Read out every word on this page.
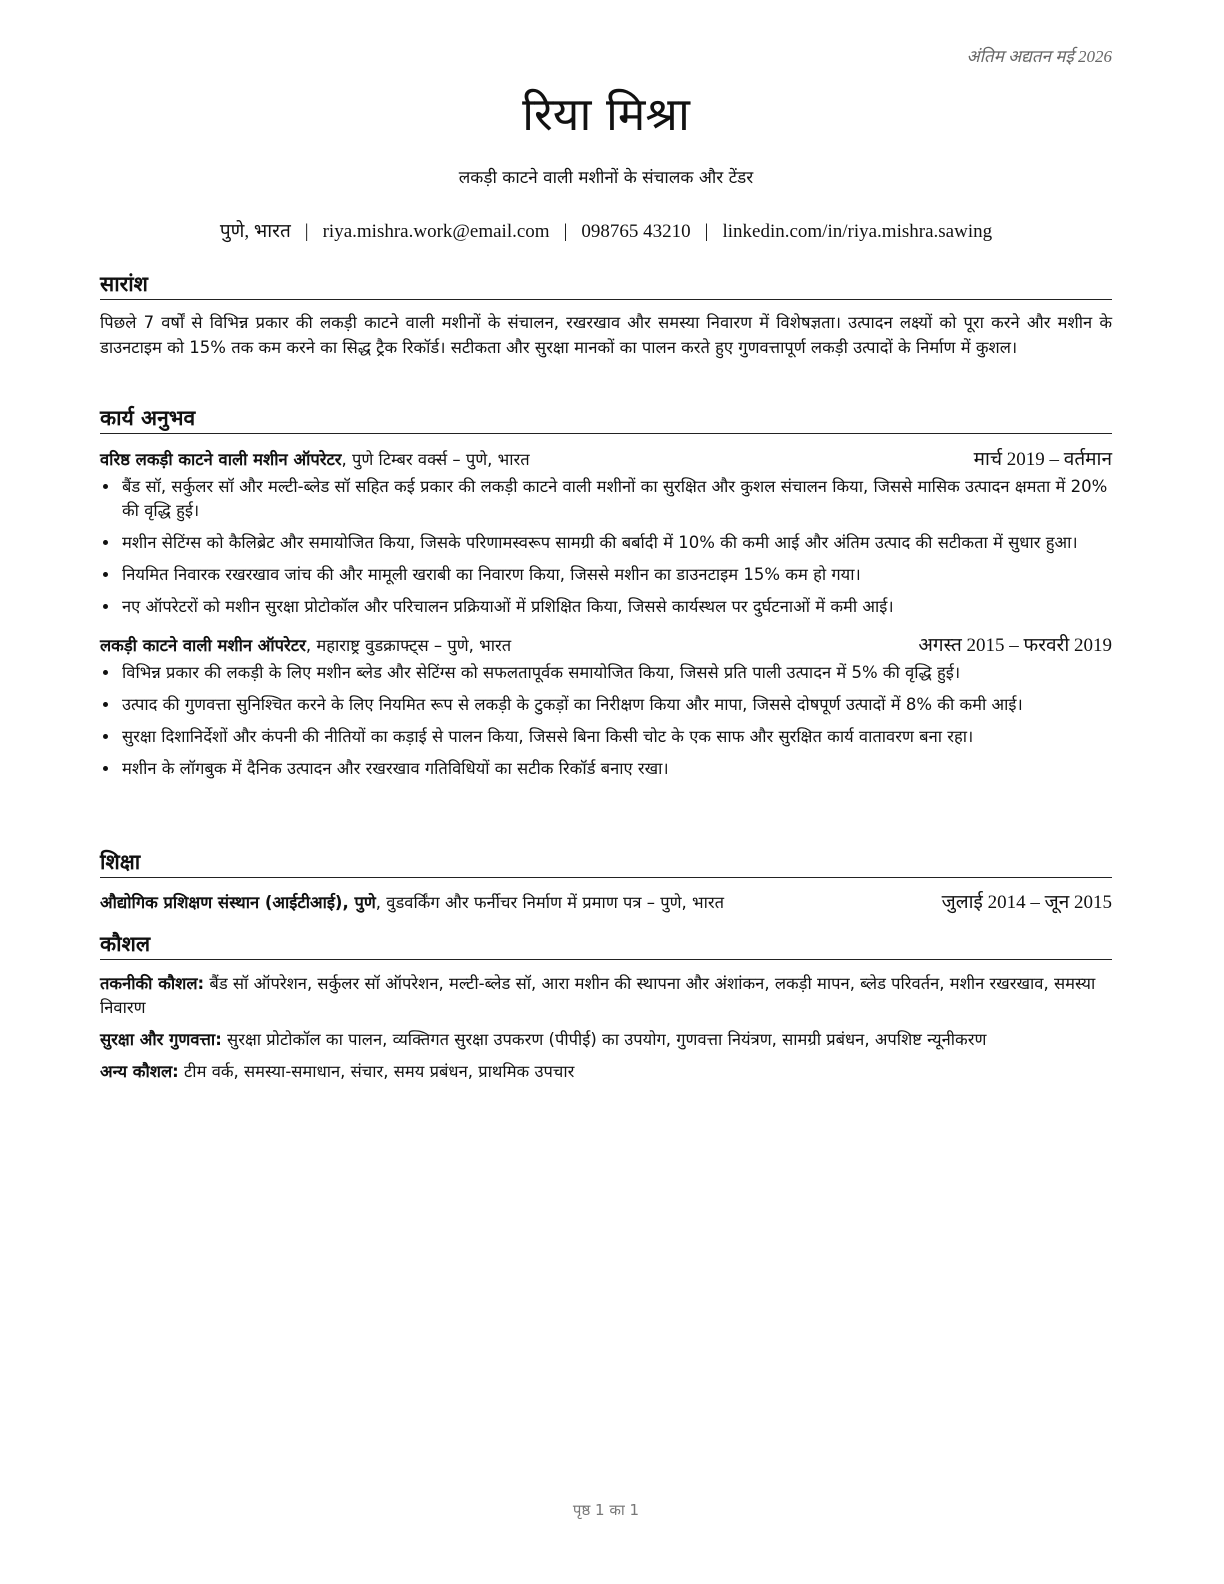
अंतिम अद्यतन मई 2026
रिया मिश्रा
लकड़ी काटने वाली मशीनों के संचालक और टेंडर
पुणे, भारत | riya.mishra.work@email.com | 098765 43210 | linkedin.com/in/riya.mishra.sawing
सारांश

पिछले 7 वर्षों से विभिन्न प्रकार की लकड़ी काटने वाली मशीनों के संचालन, रखरखाव और समस्या निवारण में विशेषज्ञता। उत्पादन लक्ष्यों को पूरा करने और मशीन के डाउनटाइम को 15% तक कम करने का सिद्ध ट्रैक रिकॉर्ड। सटीकता और सुरक्षा मानकों का पालन करते हुए गुणवत्तापूर्ण लकड़ी उत्पादों के निर्माण में कुशल।

कार्य अनुभव
वरिष्ठ लकड़ी काटने वाली मशीन ऑपरेटर, पुणे टिम्बर वर्क्स – पुणे, भारत	मार्च 2019 – वर्तमान
• बैंड सॉ, सर्कुलर सॉ और मल्टी-ब्लेड सॉ सहित कई प्रकार की लकड़ी काटने वाली मशीनों का सुरक्षित और कुशल संचालन किया, जिससे मासिक उत्पादन क्षमता में 20% की वृद्धि हुई।
• मशीन सेटिंग्स को कैलिब्रेट और समायोजित किया, जिसके परिणामस्वरूप सामग्री की बर्बादी में 10% की कमी आई और अंतिम उत्पाद की सटीकता में सुधार हुआ।
• नियमित निवारक रखरखाव जांच की और मामूली खराबी का निवारण किया, जिससे मशीन का डाउनटाइम 15% कम हो गया।
• नए ऑपरेटरों को मशीन सुरक्षा प्रोटोकॉल और परिचालन प्रक्रियाओं में प्रशिक्षित किया, जिससे कार्यस्थल पर दुर्घटनाओं में कमी आई।
लकड़ी काटने वाली मशीन ऑपरेटर, महाराष्ट्र वुडक्राफ्ट्स – पुणे, भारत	अगस्त 2015 – फरवरी 2019
• विभिन्न प्रकार की लकड़ी के लिए मशीन ब्लेड और सेटिंग्स को सफलतापूर्वक समायोजित किया, जिससे प्रति पाली उत्पादन में 5% की वृद्धि हुई।
• उत्पाद की गुणवत्ता सुनिश्चित करने के लिए नियमित रूप से लकड़ी के टुकड़ों का निरीक्षण किया और मापा, जिससे दोषपूर्ण उत्पादों में 8% की कमी आई।
• सुरक्षा दिशानिर्देशों और कंपनी की नीतियों का कड़ाई से पालन किया, जिससे बिना किसी चोट के एक साफ और सुरक्षित कार्य वातावरण बना रहा।
• मशीन के लॉगबुक में दैनिक उत्पादन और रखरखाव गतिविधियों का सटीक रिकॉर्ड बनाए रखा।
शिक्षा
औद्योगिक प्रशिक्षण संस्थान (आईटीआई), पुणे, वुडवर्किंग और फर्नीचर निर्माण में प्रमाण पत्र – पुणे, भारत	जुलाई 2014 – जून 2015
कौशल
तकनीकी कौशल: बैंड सॉ ऑपरेशन, सर्कुलर सॉ ऑपरेशन, मल्टी-ब्लेड सॉ, आरा मशीन की स्थापना और अंशांकन, लकड़ी मापन, ब्लेड परिवर्तन, मशीन रखरखाव, समस्या निवारण
सुरक्षा और गुणवत्ता: सुरक्षा प्रोटोकॉल का पालन, व्यक्तिगत सुरक्षा उपकरण (पीपीई) का उपयोग, गुणवत्ता नियंत्रण, सामग्री प्रबंधन, अपशिष्ट न्यूनीकरण
अन्य कौशल: टीम वर्क, समस्या-समाधान, संचार, समय प्रबंधन, प्राथमिक उपचार
पृष्ठ 1 का 1
